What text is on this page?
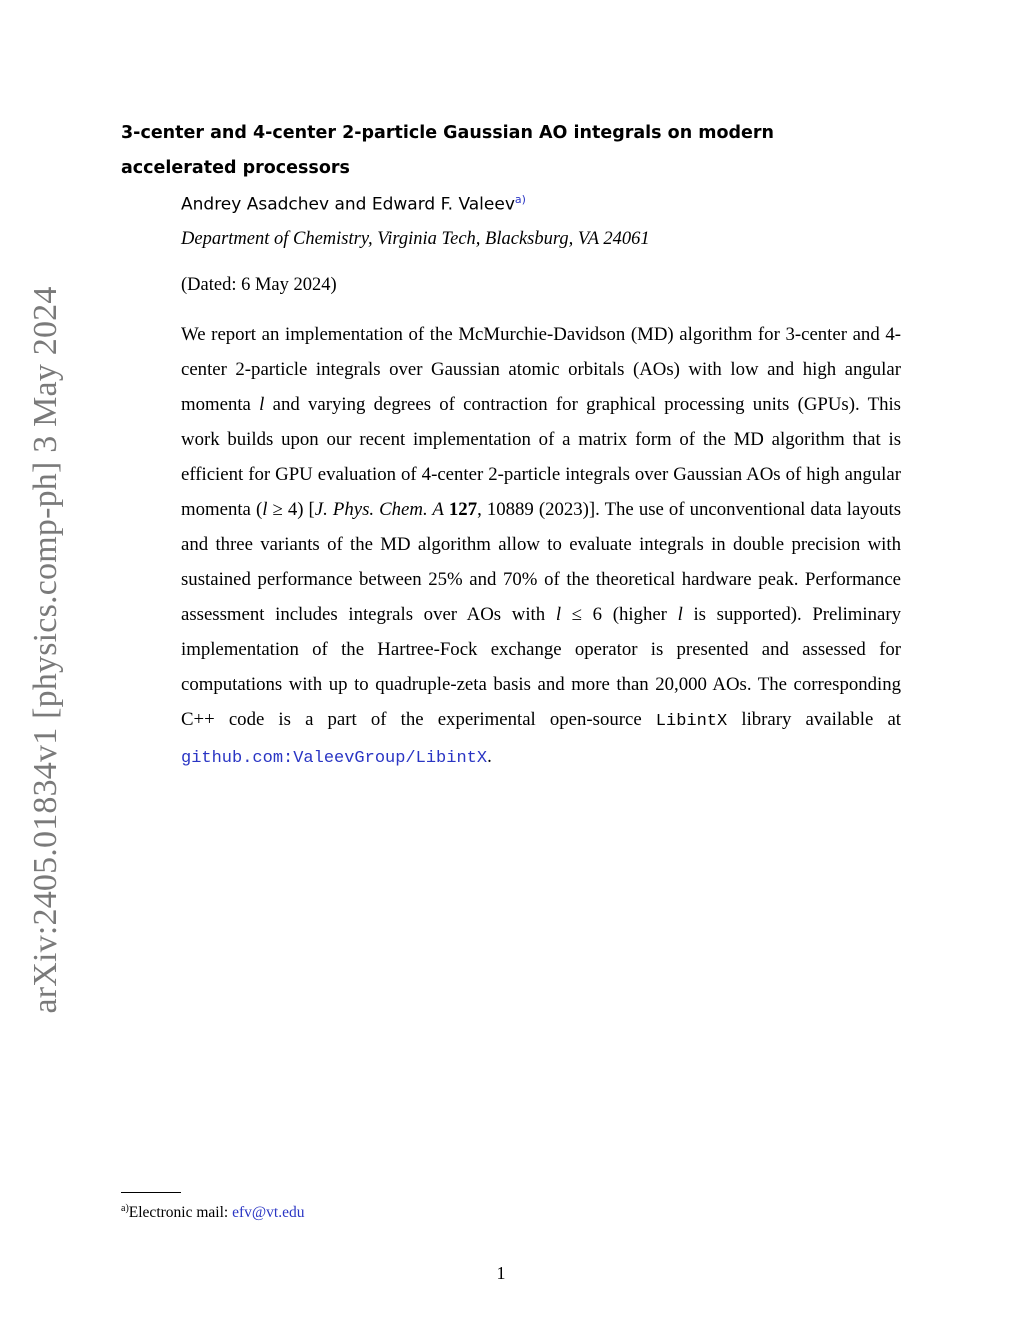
arXiv:2405.01834v1 [physics.comp-ph] 3 May 2024
3-center and 4-center 2-particle Gaussian AO integrals on modern accelerated processors
Andrey Asadchev and Edward F. Valeev$^{a)}$
Department of Chemistry, Virginia Tech, Blacksburg, VA 24061
(Dated: 6 May 2024)

We report an implementation of the McMurchie-Davidson (MD) algorithm for 3-center and 4-center 2-particle integrals over Gaussian atomic orbitals (AOs) with low and high angular momenta l and varying degrees of contraction for graphical processing units (GPUs). This work builds upon our recent implementation of a matrix form of the MD algorithm that is efficient for GPU evaluation of 4-center 2-particle integrals over Gaussian AOs of high angular momenta (l ≥ 4) [J. Phys. Chem. A 127, 10889 (2023)]. The use of unconventional data layouts and three variants of the MD algorithm allow to evaluate integrals in double precision with sustained performance between 25% and 70% of the theoretical hardware peak. Performance assessment includes integrals over AOs with l ≤ 6 (higher l is supported). Preliminary implementation of the Hartree-Fock exchange operator is presented and assessed for computations with up to quadruple-zeta basis and more than 20,000 AOs. The corresponding C++ code is a part of the experimental open-source LibintX library available at github.com:ValeevGroup/LibintX.

$^{a)}$Electronic mail: efv@vt.edu
1
